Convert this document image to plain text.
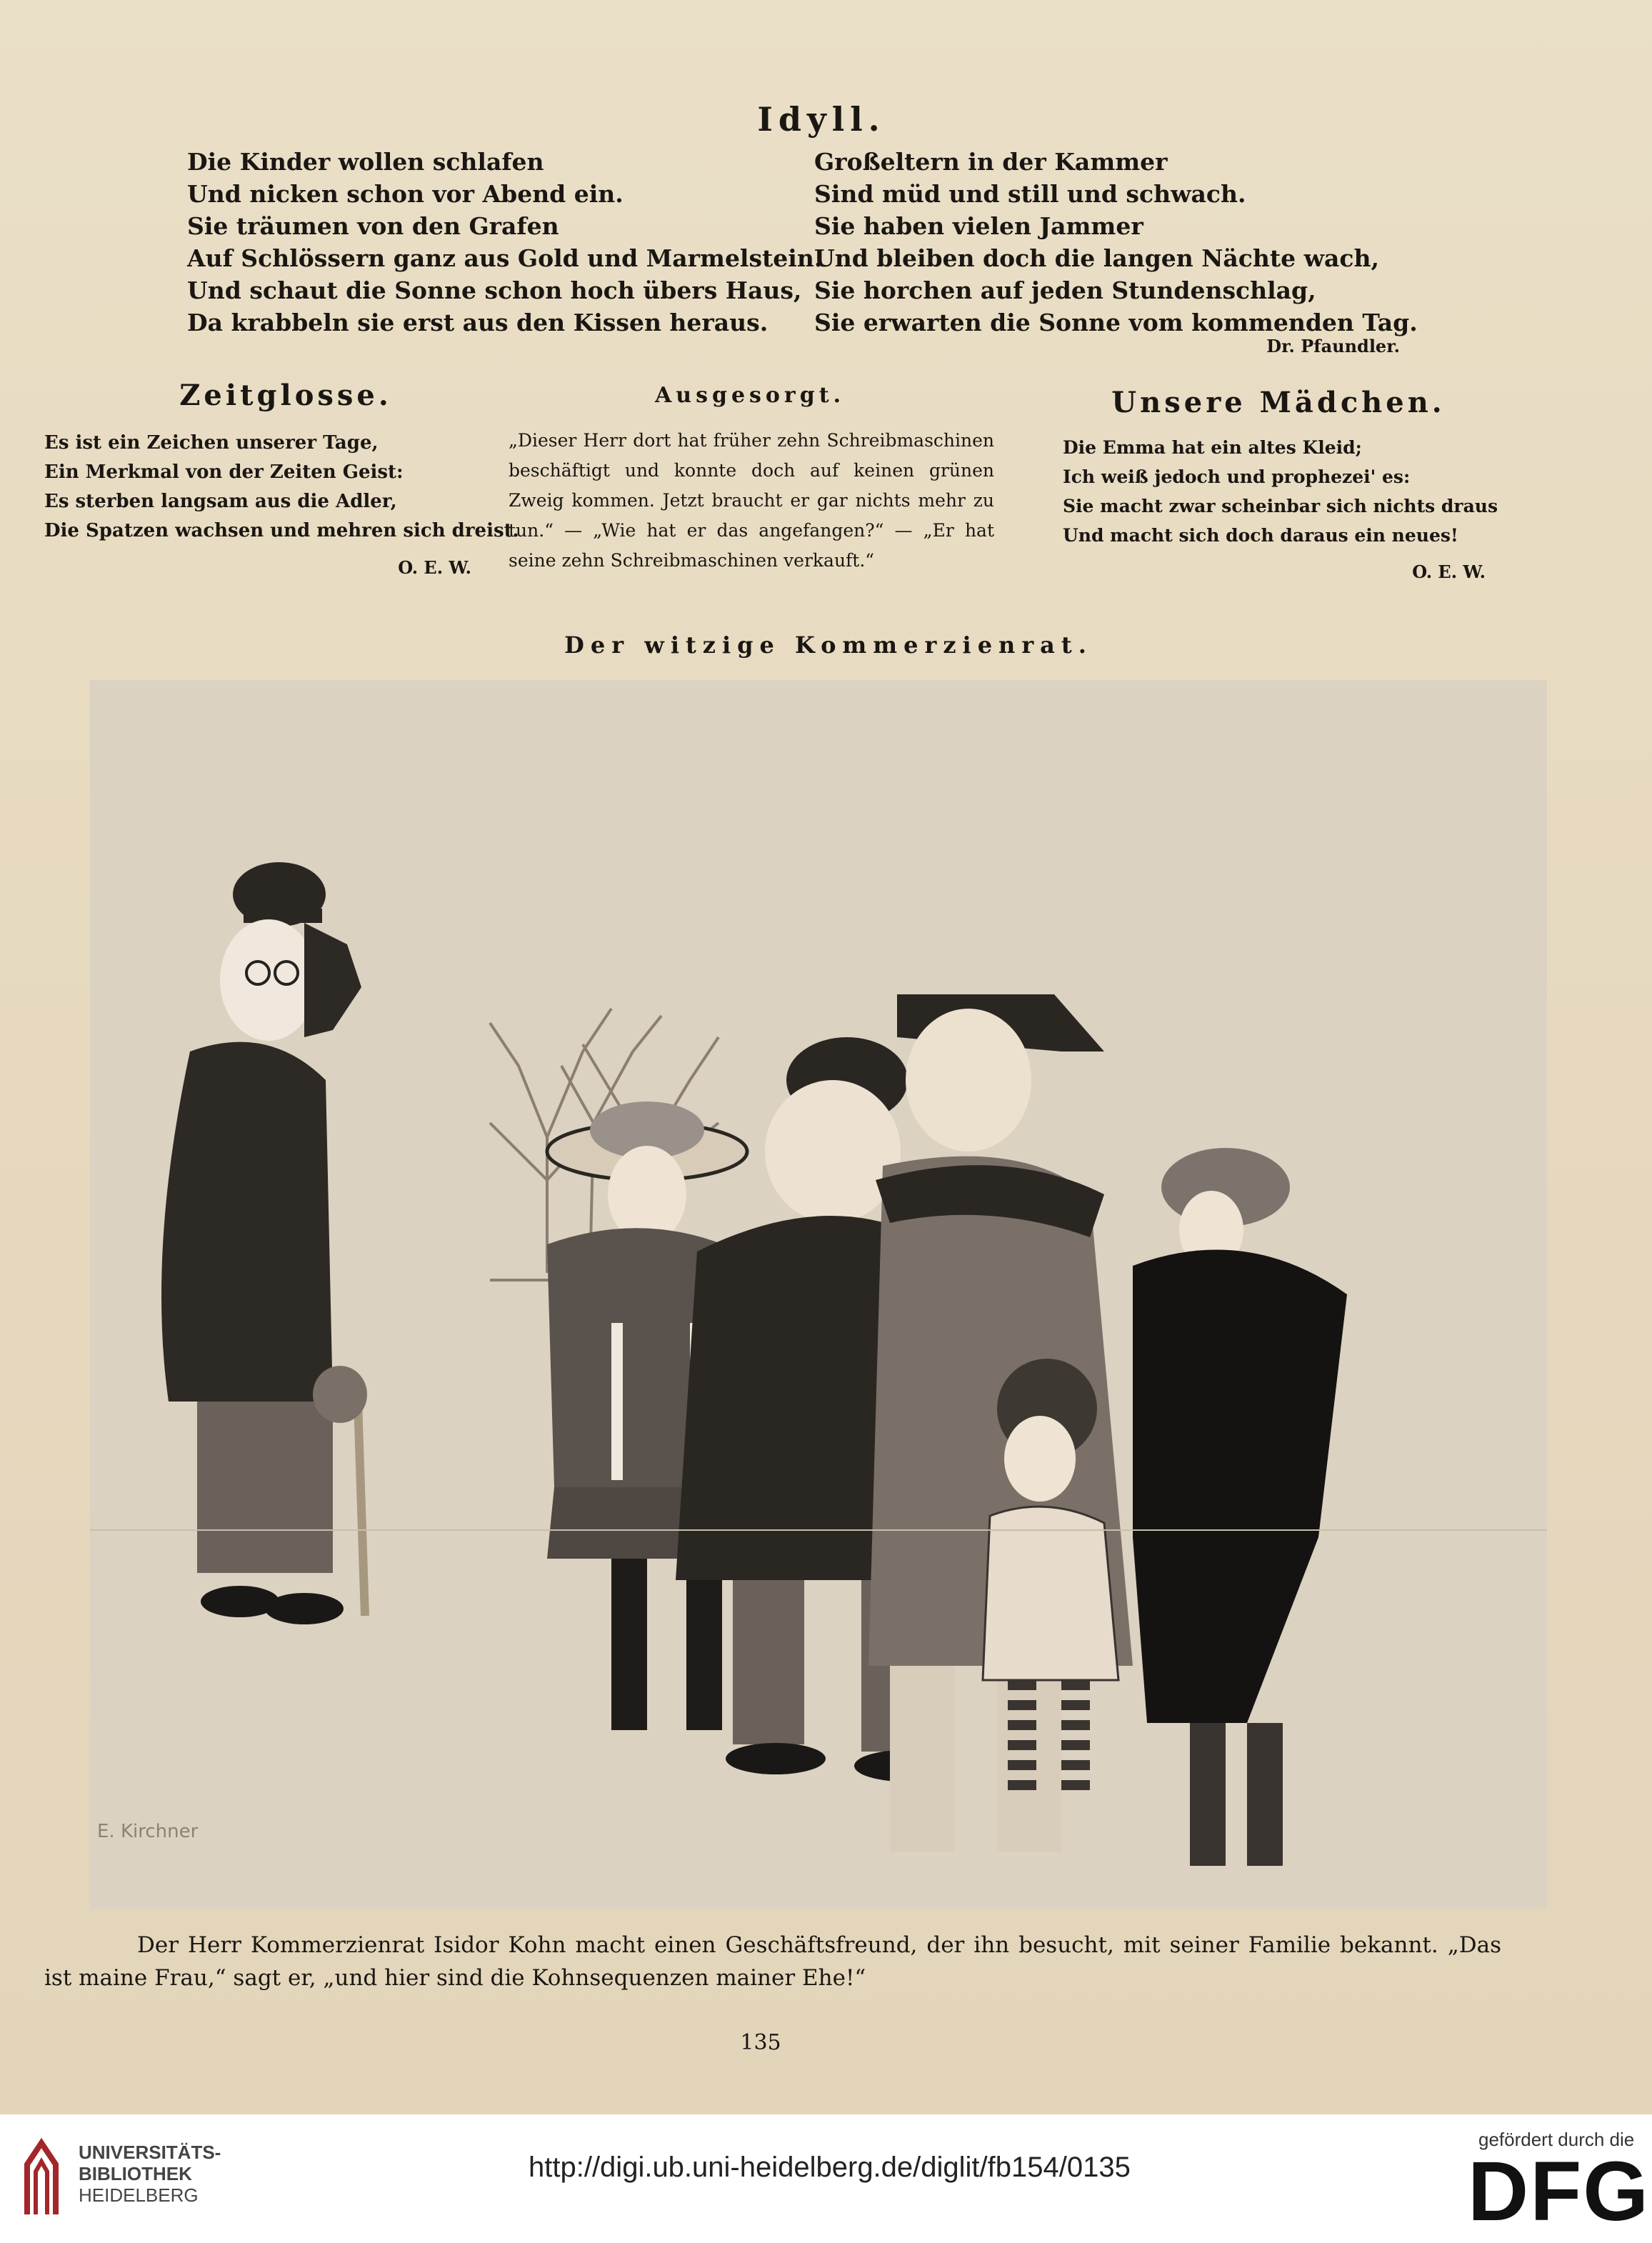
Idyll.

Die Kinder wollen schlafen

Und nicken schon vor Abend ein.

Sie träumen von den Grafen

Auf Schlössern ganz aus Gold und Marmelstein.

Und schaut die Sonne schon hoch übers Haus,

Da krabbeln sie erst aus den Kissen heraus.

Großeltern in der Kammer

Sind müd und still und schwach.

Sie haben vielen Jammer

Und bleiben doch die langen Nächte wach,

Sie horchen auf jeden Stundenschlag,

Sie erwarten die Sonne vom kommenden Tag.

Dr. Pfaundler.
Zeitglosse.

Es ist ein Zeichen unserer Tage,

Ein Merkmal von der Zeiten Geist:

Es sterben langsam aus die Adler,

Die Spatzen wachsen und mehren sich dreist.

O. E. W.
Ausgesorgt.
„Dieser Herr dort hat früher zehn Schreibmaschinen beschäftigt und konnte doch auf keinen grünen Zweig kommen. Jetzt braucht er gar nichts mehr zu tun.“ — „Wie hat er das angefangen?“ — „Er hat seine zehn Schreibmaschinen verkauft.“
Unsere Mädchen.

Die Emma hat ein altes Kleid;

Ich weiß jedoch und prophezei' es:

Sie macht zwar scheinbar sich nichts draus

Und macht sich doch daraus ein neues!

O. E. W.
Der witzige Kommerzienrat.
E. Kirchner
Der Herr Kommerzienrat Isidor Kohn macht einen Geschäftsfreund, der ihn besucht, mit seiner Familie bekannt. „Das ist maine Frau,“ sagt er, „und hier sind die Kohnsequenzen mainer Ehe!“
135
UNIVERSITÄTS-
BIBLIOTHEK
HEIDELBERG
http://digi.ub.uni-heidelberg.de/diglit/fb154/0135
gefördert durch die
DFG
